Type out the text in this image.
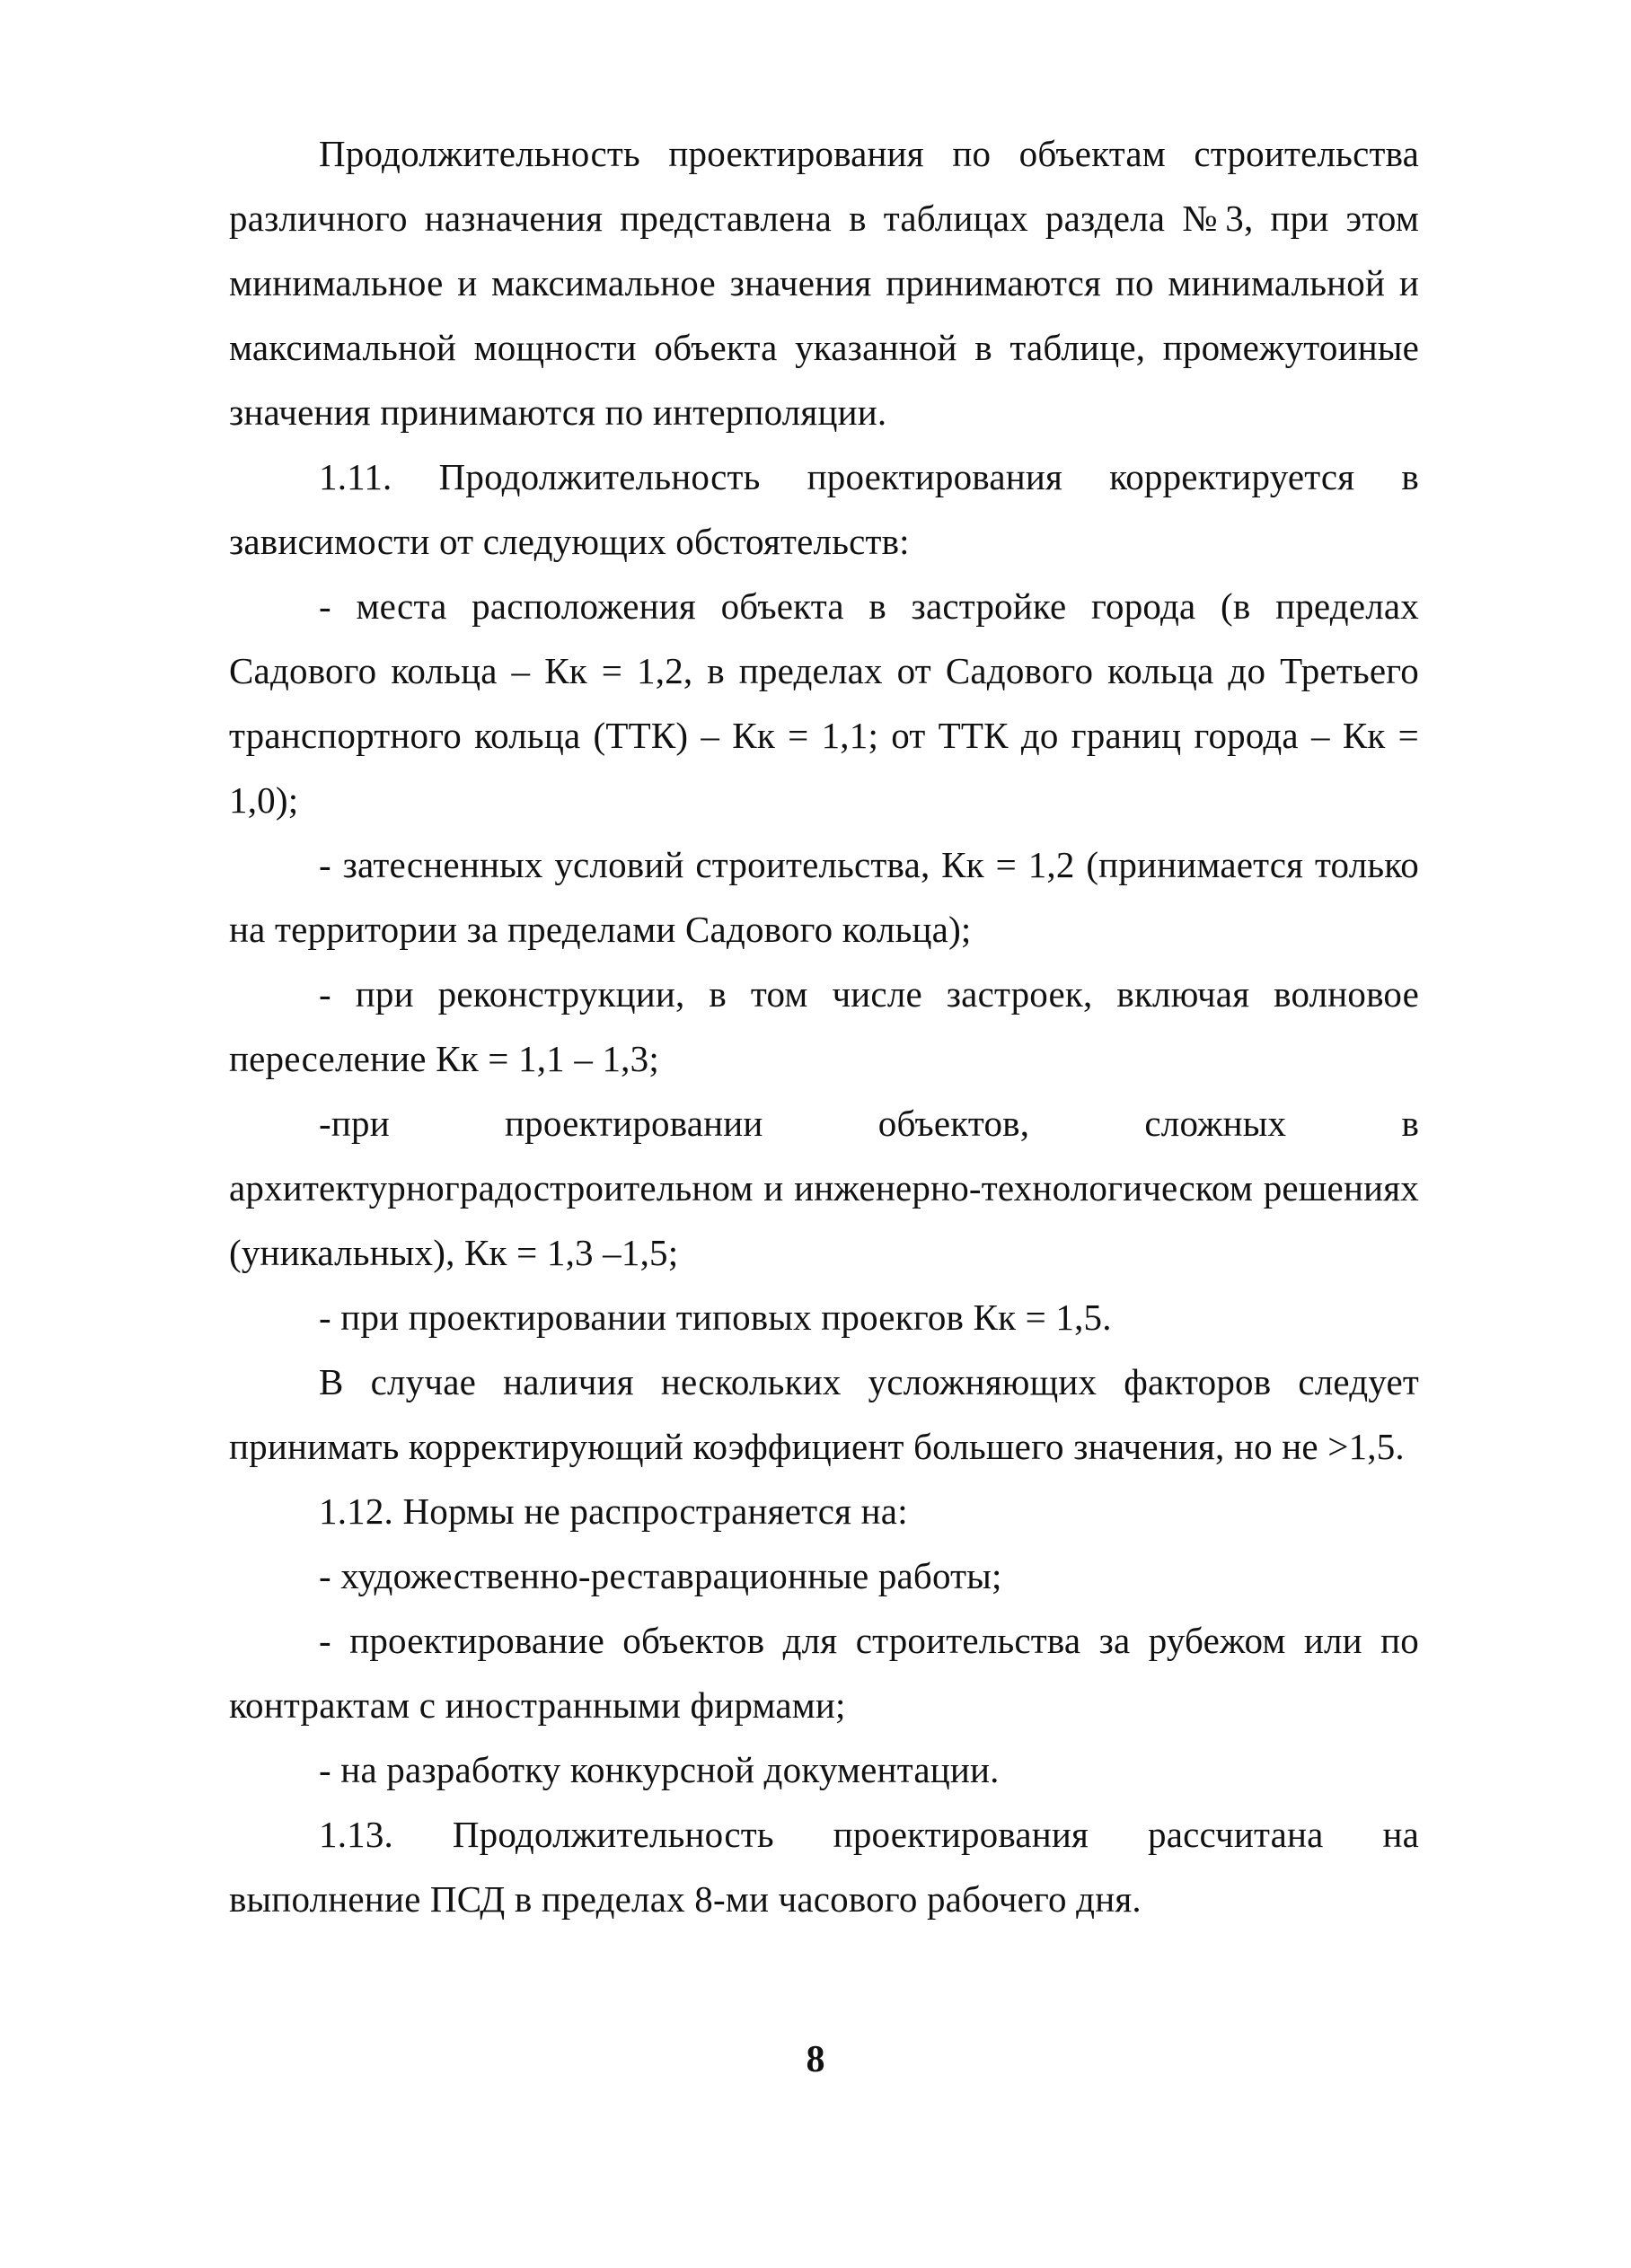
Продолжительность проектирования по объектам строительства различного назначения представлена в таблицах раздела №3, при этом минимальное и максимальное значения принимаются по минимальной и максимальной мощности объекта указанной в таблице, промежутоиные значения принимаются по интерполяции.

1.11. Продолжительность проектирования корректируется в зависимости от следующих обстоятельств:

- места расположения объекта в застройке города (в пределах Садового кольца – Кк = 1,2, в пределах от Садового кольца до Третьего транспортного кольца (ТТК) – Кк = 1,1; от ТТК до границ города – Кк = 1,0);

- затесненных условий строительства, Кк = 1,2 (принимается только на территории за пределами Садового кольца);

- при реконструкции, в том числе застроек, включая волновое переселение Кк = 1,1 – 1,3;

-при проектировании объектов, сложных в архитектурноградостроительном и инженерно-технологическом решениях (уникальных), Кк = 1,3 –1,5;

- при проектировании типовых проекгов Кк = 1,5.

В случае наличия нескольких усложняющих факторов следует принимать корректирующий коэффициент большего значения, но не >1,5.

1.12. Нормы не распространяется на:

- художественно-реставрационные работы;

- проектирование объектов для строительства за рубежом или по контрактам с иностранными фирмами;

- на разработку конкурсной документации.

1.13. Продолжительность проектирования рассчитана на выполнение ПСД в пределах 8-ми часового рабочего дня.

8
